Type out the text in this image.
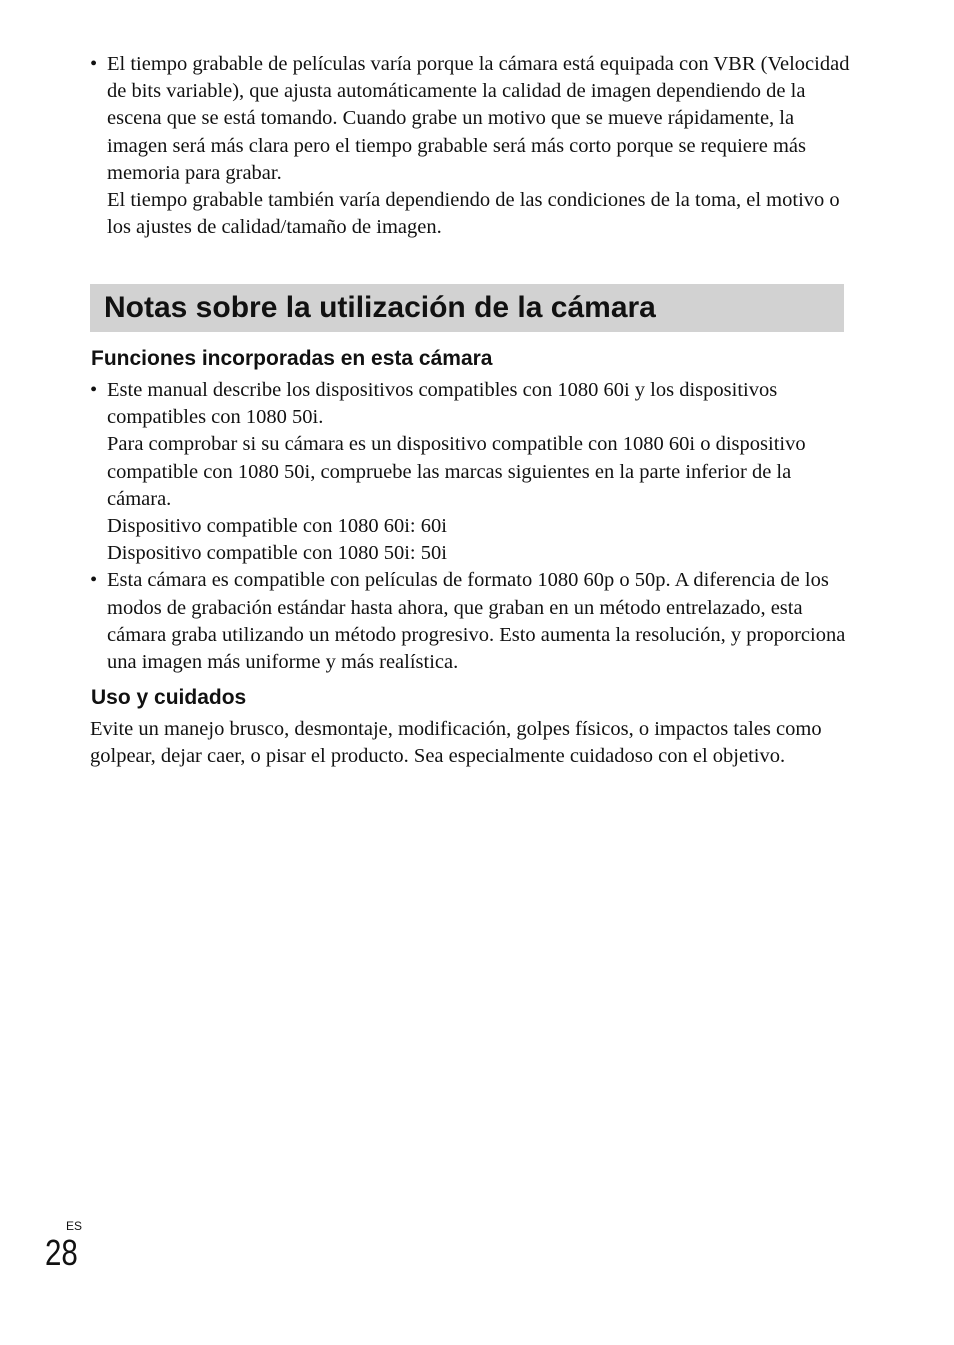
• El tiempo grabable de películas varía porque la cámara está equipada con VBR (Velocidad de bits variable), que ajusta automáticamente la calidad de imagen dependiendo de la escena que se está tomando. Cuando grabe un motivo que se mueve rápidamente, la imagen será más clara pero el tiempo grabable será más corto porque se requiere más memoria para grabar.
El tiempo grabable también varía dependiendo de las condiciones de la toma, el motivo o los ajustes de calidad/tamaño de imagen.
Notas sobre la utilización de la cámara
Funciones incorporadas en esta cámara
• Este manual describe los dispositivos compatibles con 1080 60i y los dispositivos compatibles con 1080 50i.
Para comprobar si su cámara es un dispositivo compatible con 1080 60i o dispositivo compatible con 1080 50i, compruebe las marcas siguientes en la parte inferior de la cámara.
Dispositivo compatible con 1080 60i: 60i
Dispositivo compatible con 1080 50i: 50i
• Esta cámara es compatible con películas de formato 1080 60p o 50p. A diferencia de los modos de grabación estándar hasta ahora, que graban en un método entrelazado, esta cámara graba utilizando un método progresivo. Esto aumenta la resolución, y proporciona una imagen más uniforme y más realística.
Uso y cuidados

Evite un manejo brusco, desmontaje, modificación, golpes físicos, o impactos tales como golpear, dejar caer, o pisar el producto. Sea especialmente cuidadoso con el objetivo.

ES
28
